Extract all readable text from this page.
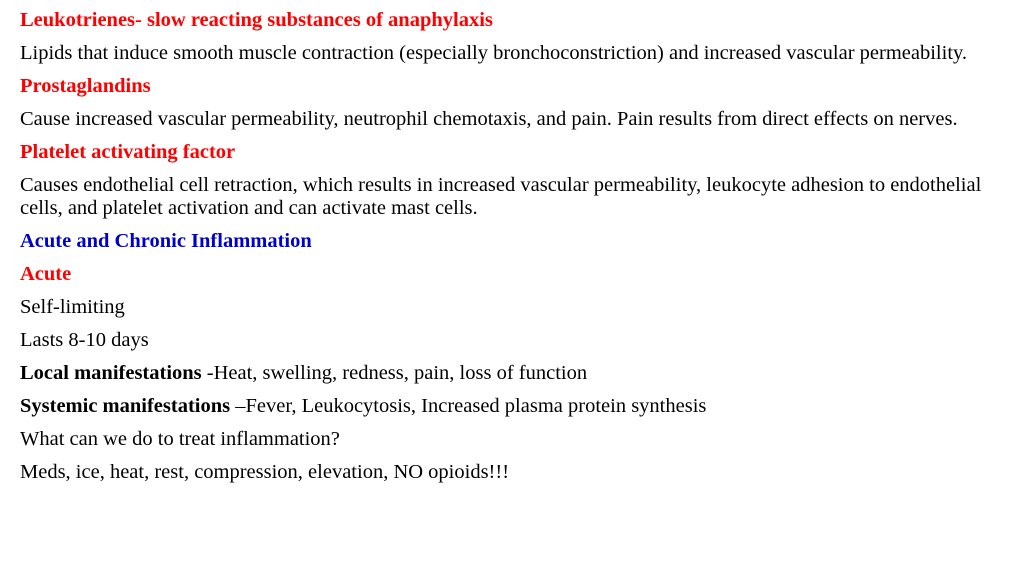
Leukotrienes- slow reacting substances of anaphylaxis
Lipids that induce smooth muscle contraction (especially bronchoconstriction) and increased vascular permeability.
Prostaglandins
Cause increased vascular permeability, neutrophil chemotaxis, and pain. Pain results from direct effects on nerves.
Platelet activating factor
Causes endothelial cell retraction, which results in increased vascular permeability, leukocyte adhesion to endothelial cells, and platelet activation and can activate mast cells.
Acute and Chronic Inflammation
Acute
Self-limiting
Lasts 8-10 days
Local manifestations -Heat, swelling, redness, pain, loss of function
Systemic manifestations –Fever, Leukocytosis, Increased plasma protein synthesis
What can we do to treat inflammation?
Meds, ice, heat, rest, compression, elevation, NO opioids!!!
